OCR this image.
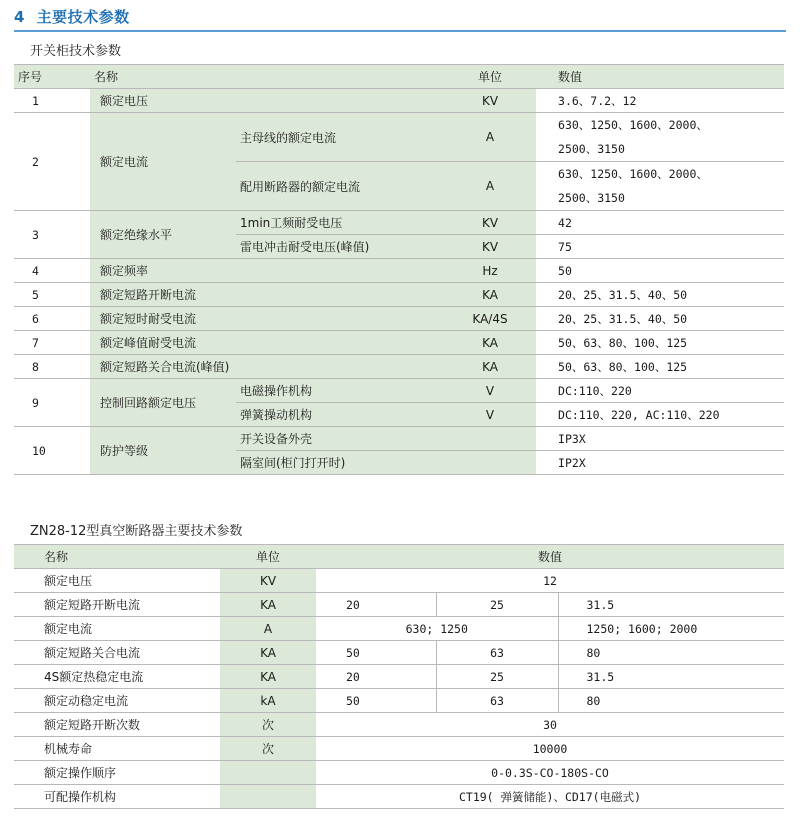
4 主要技术参数
开关柜技术参数
序号	名称		单位	数值
1	额定电压		KV	3.6、7.2、12
2	额定电流	主母线的额定电流	A	630、1250、1600、2000、
2500、3150

		配用断路器的额定电流	A	630、1250、1600、2000、
2500、3150

3	额定绝缘水平	1min工频耐受电压	KV	42
		雷电冲击耐受电压(峰值)	KV	75
4	额定频率		Hz	50
5	额定短路开断电流		KA	20、25、31.5、40、50
6	额定短时耐受电流		KA/4S	20、25、31.5、40、50
7	额定峰值耐受电流		KA	50、63、80、100、125
8	额定短路关合电流(峰值)		KA	50、63、80、100、125
9	控制回路额定电压	电磁操作机构	V	DC:110、220
		弹簧操动机构	V	DC:110、220, AC:110、220
10	防护等级	开关设备外壳		IP3X
		隔室间(柜门打开时)		IP2X
ZN28-12型真空断路器主要技术参数
名称	单位	数值		
额定电压	KV	12		
额定短路开断电流	KA	20	25	31.5
额定电流	A	630; 1250		1250; 1600; 2000
额定短路关合电流	KA	50	63	80
4S额定热稳定电流	KA	20	25	31.5
额定动稳定电流	kA	50	63	80
额定短路开断次数	次	30		
机械寿命	次	10000		
额定操作顺序		0-0.3S-CO-180S-CO		
可配操作机构		CT19( 弹簧储能)、CD17(电磁式)		
